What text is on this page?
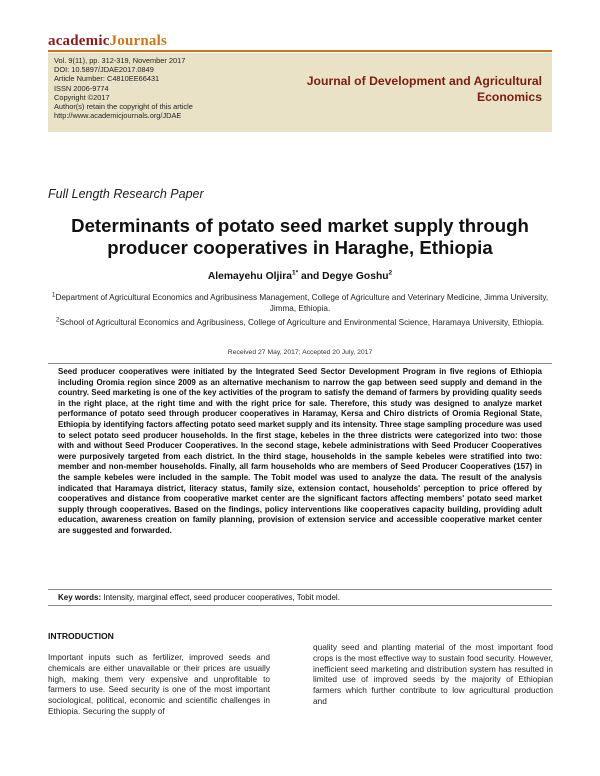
academicJournals
Vol. 9(11), pp. 312-319, November 2017
DOI: 10.5897/JDAE2017.0849
Article Number: C4810EE66431
ISSN 2006-9774
Copyright ©2017
Author(s) retain the copyright of this article
http://www.academicjournals.org/JDAE
Journal of Development and Agricultural Economics
Full Length Research Paper
Determinants of potato seed market supply through producer cooperatives in Haraghe, Ethiopia
Alemayehu Oljira$^{1*}$ and Degye Goshu$^2$
$^1$Department of Agricultural Economics and Agribusiness Management, College of Agriculture and Veterinary Medicine, Jimma University, Jimma, Ethiopia.
$^2$School of Agricultural Economics and Agribusiness, College of Agriculture and Environmental Science, Haramaya University, Ethiopia.
Received 27 May, 2017; Accepted 20 July, 2017
Seed producer cooperatives were initiated by the Integrated Seed Sector Development Program in five regions of Ethiopia including Oromia region since 2009 as an alternative mechanism to narrow the gap between seed supply and demand in the country. Seed marketing is one of the key activities of the program to satisfy the demand of farmers by providing quality seeds in the right place, at the right time and with the right price for sale. Therefore, this study was designed to analyze market performance of potato seed through producer cooperatives in Haramay, Kersa and Chiro districts of Oromia Regional State, Ethiopia by identifying factors affecting potato seed market supply and its intensity. Three stage sampling procedure was used to select potato seed producer households. In the first stage, kebeles in the three districts were categorized into two: those with and without Seed Producer Cooperatives. In the second stage, kebele administrations with Seed Producer Cooperatives were purposively targeted from each district. In the third stage, households in the sample kebeles were stratified into two: member and non-member households. Finally, all farm households who are members of Seed Producer Cooperatives (157) in the sample kebeles were included in the sample. The Tobit model was used to analyze the data. The result of the analysis indicated that Haramaya district, literacy status, family size, extension contact, households' perception to price offered by cooperatives and distance from cooperative market center are the significant factors affecting members' potato seed market supply through cooperatives. Based on the findings, policy interventions like cooperatives capacity building, providing adult education, awareness creation on family planning, provision of extension service and accessible cooperative market center are suggested and forwarded.
Key words: Intensity, marginal effect, seed producer cooperatives, Tobit model.
INTRODUCTION
Important inputs such as fertilizer, improved seeds and chemicals are either unavailable or their prices are usually high, making them very expensive and unprofitable to farmers to use. Seed security is one of the most important sociological, political, economic and scientific challenges in Ethiopia. Securing the supply of
quality seed and planting material of the most important food crops is the most effective way to sustain food security. However, inefficient seed marketing and distribution system has resulted in limited use of improved seeds by the majority of Ethiopian farmers which further contribute to low agricultural production and
